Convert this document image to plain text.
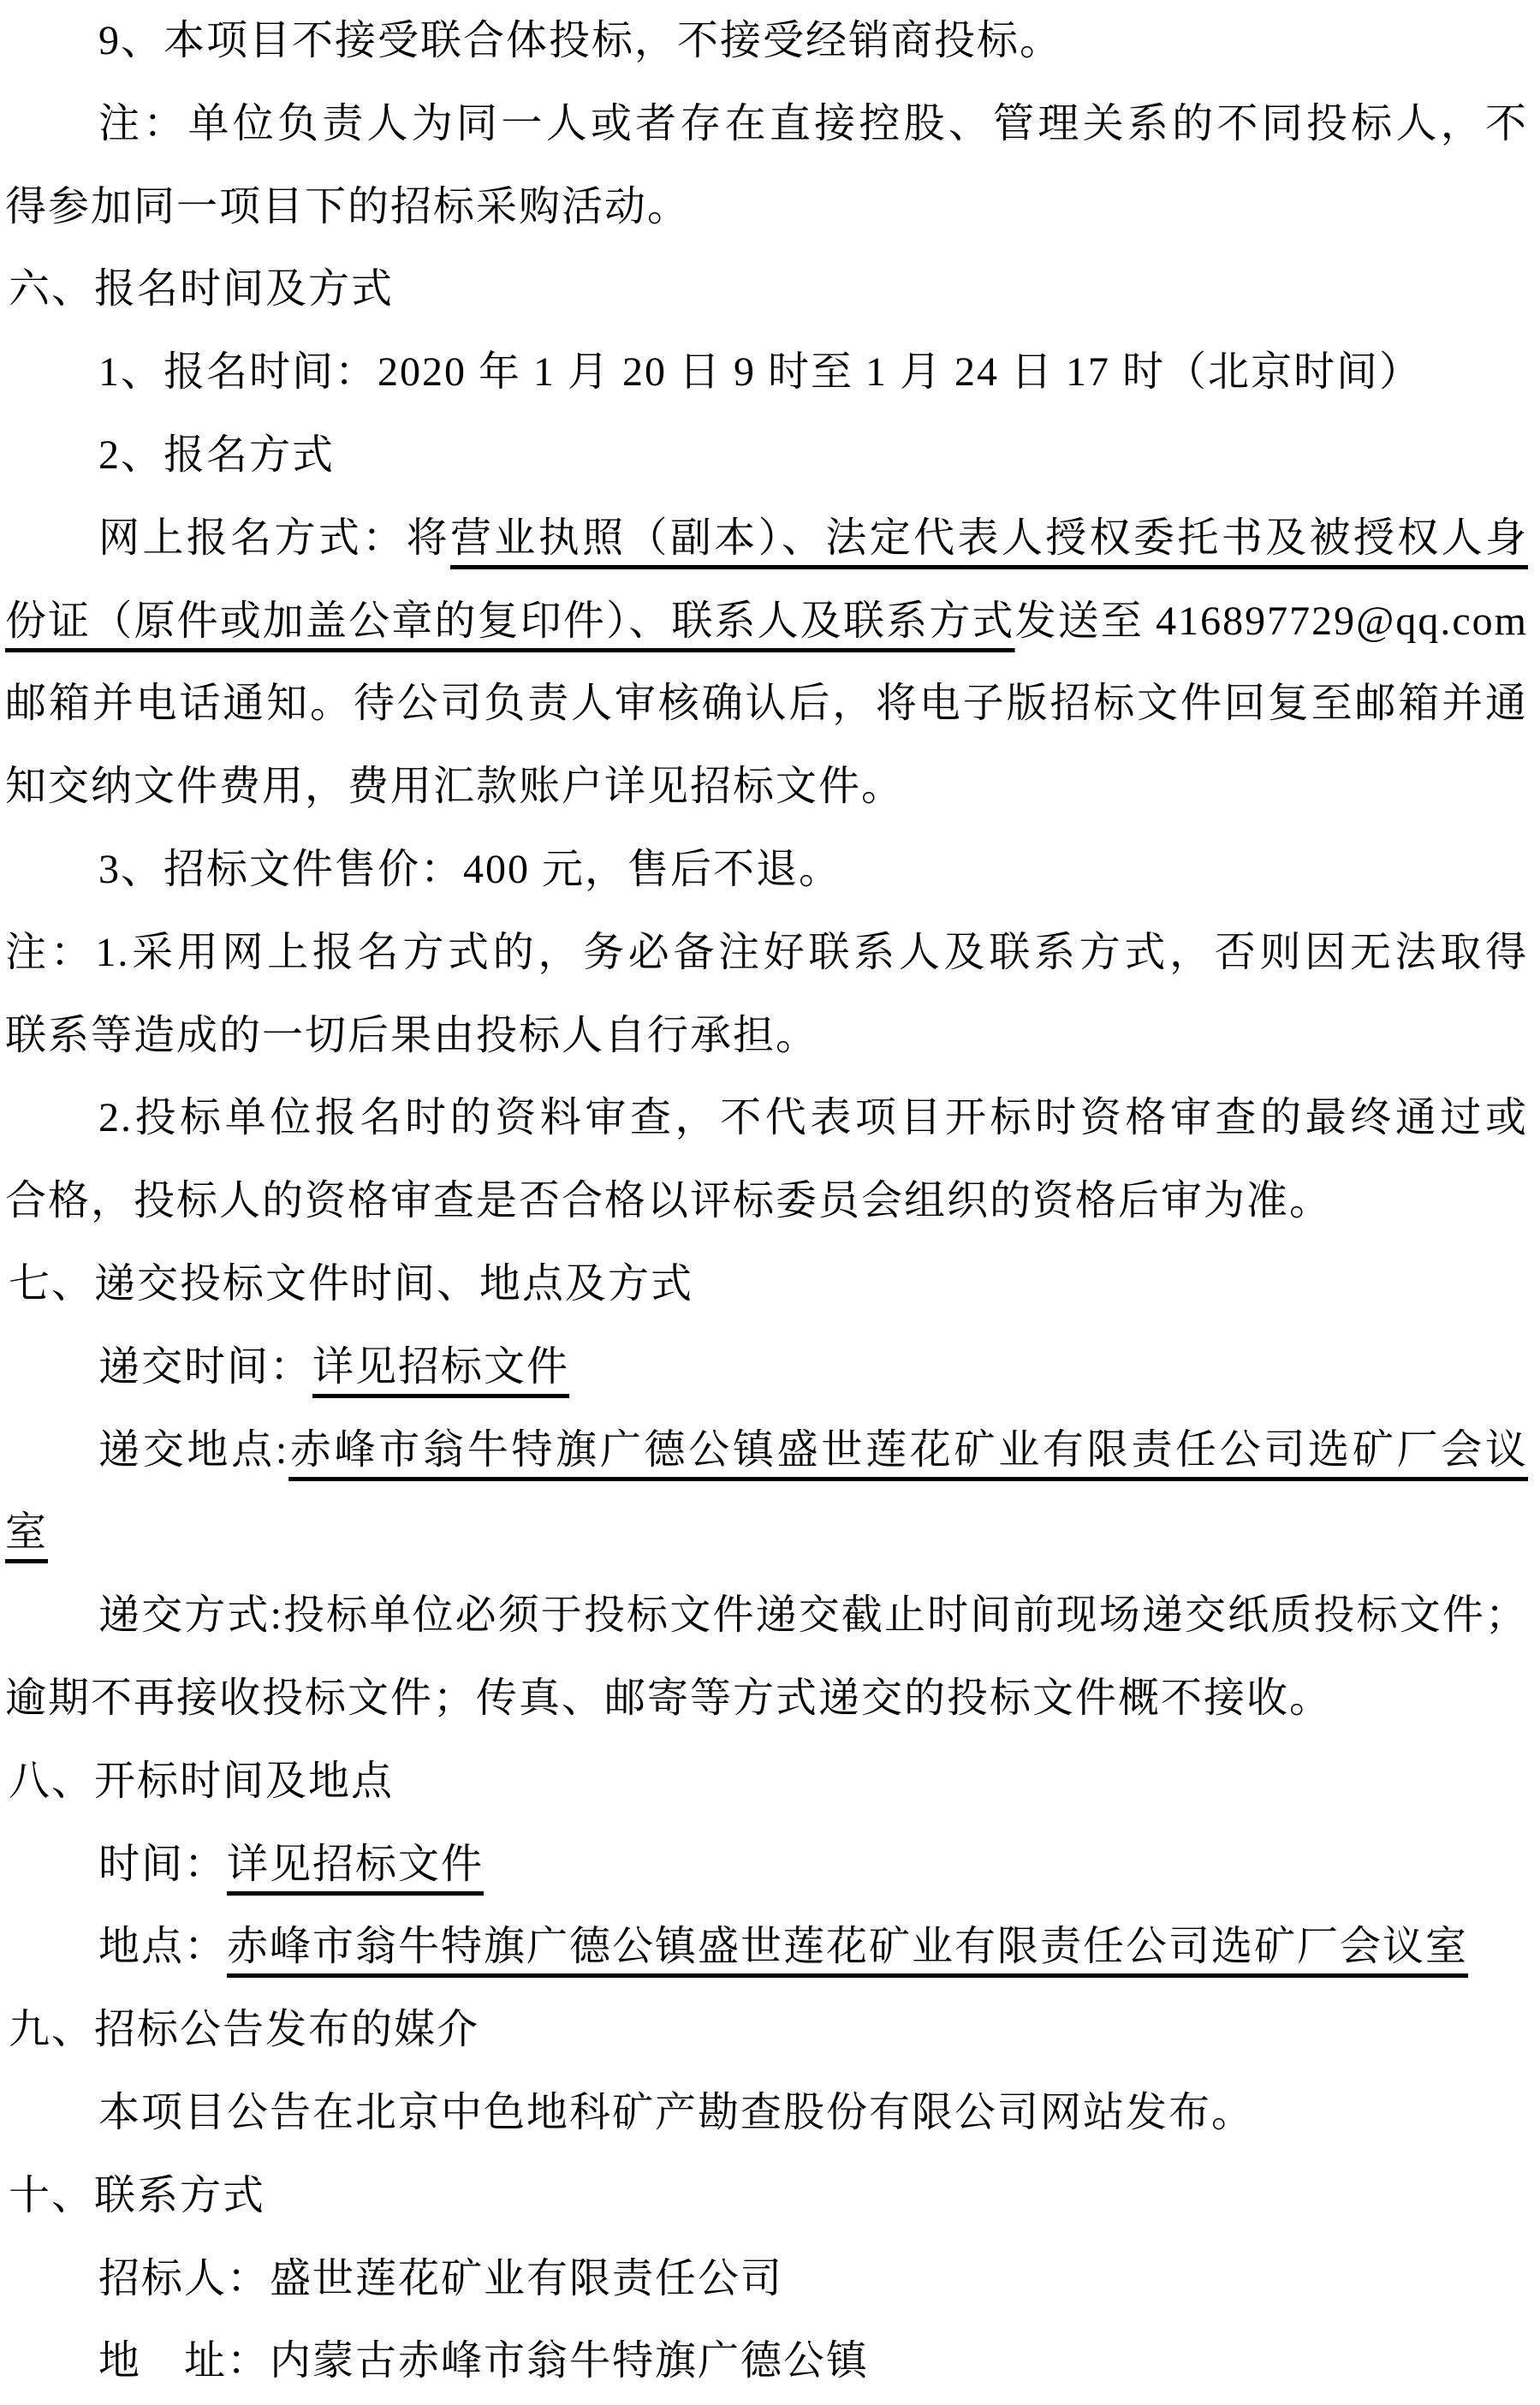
9、本项目不接受联合体投标，不接受经销商投标。
注：单位负责人为同一人或者存在直接控股、管理关系的不同投标人，不
得参加同一项目下的招标采购活动。
六、报名时间及方式
1、报名时间：2020 年 1 月 20 日 9 时至 1 月 24 日 17 时（北京时间）
2、报名方式
网上报名方式：将营业执照（副本）、法定代表人授权委托书及被授权人身
份证（原件或加盖公章的复印件）、联系人及联系方式发送至 416897729@qq.com
邮箱并电话通知。待公司负责人审核确认后，将电子版招标文件回复至邮箱并通
知交纳文件费用，费用汇款账户详见招标文件。
3、招标文件售价：400 元，售后不退。
注：1.采用网上报名方式的，务必备注好联系人及联系方式，否则因无法取得
联系等造成的一切后果由投标人自行承担。
2.投标单位报名时的资料审查，不代表项目开标时资格审查的最终通过或
合格，投标人的资格审查是否合格以评标委员会组织的资格后审为准。
七、递交投标文件时间、地点及方式
递交时间：详见招标文件
递交地点:赤峰市翁牛特旗广德公镇盛世莲花矿业有限责任公司选矿厂会议
室
递交方式:投标单位必须于投标文件递交截止时间前现场递交纸质投标文件；
逾期不再接收投标文件；传真、邮寄等方式递交的投标文件概不接收。
八、开标时间及地点
时间：详见招标文件
地点：赤峰市翁牛特旗广德公镇盛世莲花矿业有限责任公司选矿厂会议室
九、招标公告发布的媒介
本项目公告在北京中色地科矿产勘查股份有限公司网站发布。
十、联系方式
招标人：盛世莲花矿业有限责任公司
地　址：内蒙古赤峰市翁牛特旗广德公镇
